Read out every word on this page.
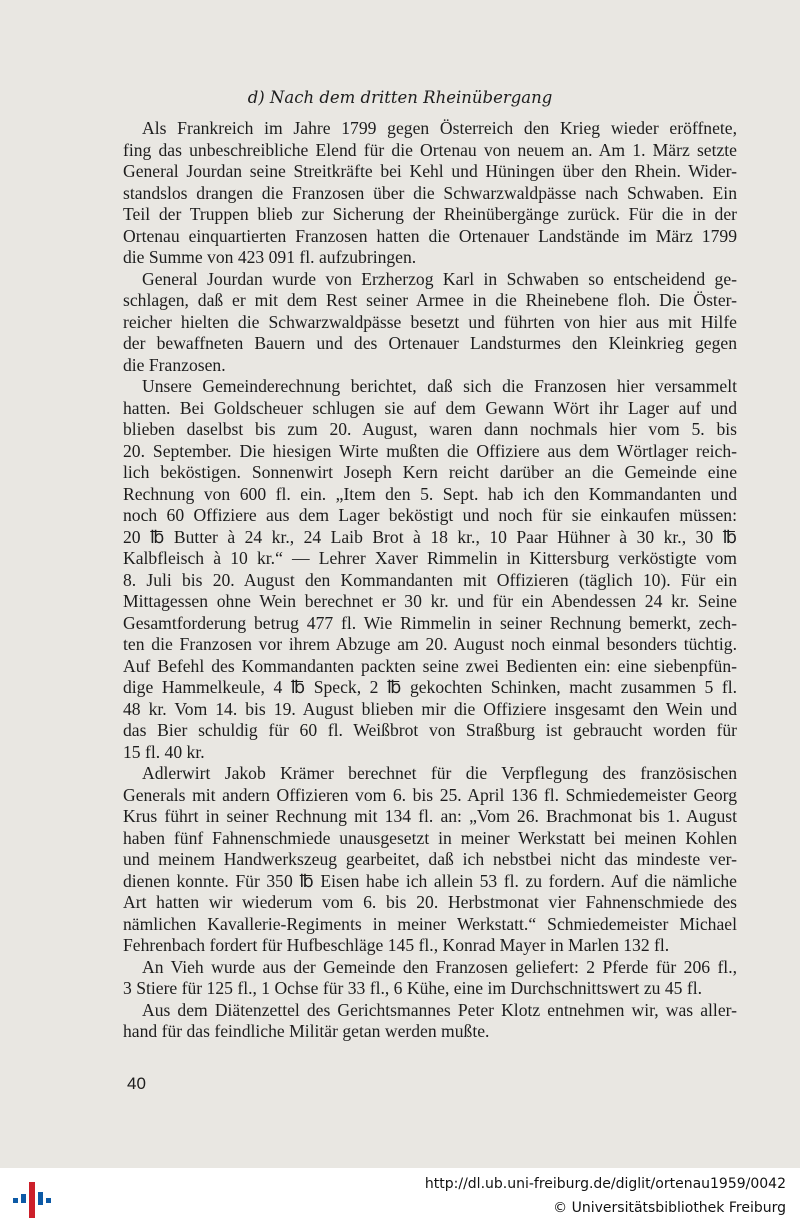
d) Nach dem dritten Rheinübergang
Als Frankreich im Jahre 1799 gegen Österreich den Krieg wieder eröffnete,
fing das unbeschreibliche Elend für die Ortenau von neuem an. Am 1. März setzte
General Jourdan seine Streitkräfte bei Kehl und Hüningen über den Rhein. Wider-
standslos drangen die Franzosen über die Schwarzwaldpässe nach Schwaben. Ein
Teil der Truppen blieb zur Sicherung der Rheinübergänge zurück. Für die in der
Ortenau einquartierten Franzosen hatten die Ortenauer Landstände im März 1799
die Summe von 423 091 fl. aufzubringen.
General Jourdan wurde von Erzherzog Karl in Schwaben so entscheidend ge-
schlagen, daß er mit dem Rest seiner Armee in die Rheinebene floh. Die Öster-
reicher hielten die Schwarzwaldpässe besetzt und führten von hier aus mit Hilfe
der bewaffneten Bauern und des Ortenauer Landsturmes den Kleinkrieg gegen
die Franzosen.
Unsere Gemeinderechnung berichtet, daß sich die Franzosen hier versammelt
hatten. Bei Goldscheuer schlugen sie auf dem Gewann Wört ihr Lager auf und
blieben daselbst bis zum 20. August, waren dann nochmals hier vom 5. bis
20. September. Die hiesigen Wirte mußten die Offiziere aus dem Wörtlager reich-
lich beköstigen. Sonnenwirt Joseph Kern reicht darüber an die Gemeinde eine
Rechnung von 600 fl. ein. „Item den 5. Sept. hab ich den Kommandanten und
noch 60 Offiziere aus dem Lager beköstigt und noch für sie einkaufen müssen:
20 ℔ Butter à 24 kr., 24 Laib Brot à 18 kr., 10 Paar Hühner à 30 kr., 30 ℔
Kalbfleisch à 10 kr.“ — Lehrer Xaver Rimmelin in Kittersburg verköstigte vom
8. Juli bis 20. August den Kommandanten mit Offizieren (täglich 10). Für ein
Mittagessen ohne Wein berechnet er 30 kr. und für ein Abendessen 24 kr. Seine
Gesamtforderung betrug 477 fl. Wie Rimmelin in seiner Rechnung bemerkt, zech-
ten die Franzosen vor ihrem Abzuge am 20. August noch einmal besonders tüchtig.
Auf Befehl des Kommandanten packten seine zwei Bedienten ein: eine siebenpfün-
dige Hammelkeule, 4 ℔ Speck, 2 ℔ gekochten Schinken, macht zusammen 5 fl.
48 kr. Vom 14. bis 19. August blieben mir die Offiziere insgesamt den Wein und
das Bier schuldig für 60 fl. Weißbrot von Straßburg ist gebraucht worden für
15 fl. 40 kr.
Adlerwirt Jakob Krämer berechnet für die Verpflegung des französischen
Generals mit andern Offizieren vom 6. bis 25. April 136 fl. Schmiedemeister Georg
Krus führt in seiner Rechnung mit 134 fl. an: „Vom 26. Brachmonat bis 1. August
haben fünf Fahnenschmiede unausgesetzt in meiner Werkstatt bei meinen Kohlen
und meinem Handwerkszeug gearbeitet, daß ich nebstbei nicht das mindeste ver-
dienen konnte. Für 350 ℔ Eisen habe ich allein 53 fl. zu fordern. Auf die nämliche
Art hatten wir wiederum vom 6. bis 20. Herbstmonat vier Fahnenschmiede des
nämlichen Kavallerie-Regiments in meiner Werkstatt.“ Schmiedemeister Michael
Fehrenbach fordert für Hufbeschläge 145 fl., Konrad Mayer in Marlen 132 fl.
An Vieh wurde aus der Gemeinde den Franzosen geliefert: 2 Pferde für 206 fl.,
3 Stiere für 125 fl., 1 Ochse für 33 fl., 6 Kühe, eine im Durchschnittswert zu 45 fl.
Aus dem Diätenzettel des Gerichtsmannes Peter Klotz entnehmen wir, was aller-
hand für das feindliche Militär getan werden mußte.
40
http://dl.ub.uni-freiburg.de/diglit/ortenau1959/0042
© Universitätsbibliothek Freiburg
